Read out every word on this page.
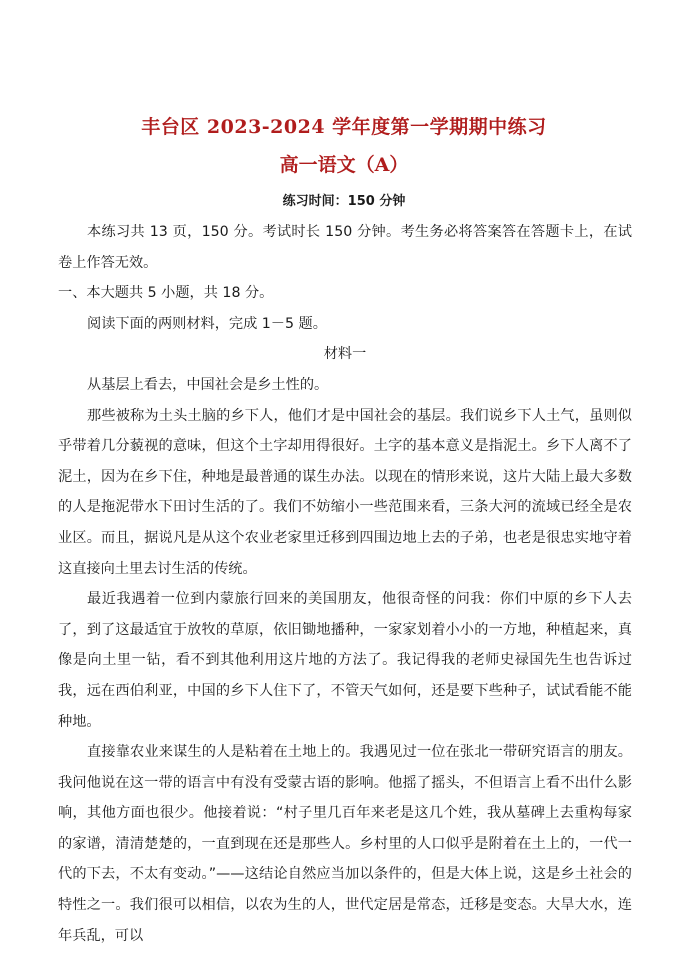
丰台区 2023-2024 学年度第一学期期中练习
高一语文（A）
练习时间：150 分钟

本练习共 13 页，150 分。考试时长 150 分钟。考生务必将答案答在答题卡上，在试卷上作答无效。

一、本大题共 5 小题，共 18 分。

阅读下面的两则材料，完成 1－5 题。

材料一

从基层上看去，中国社会是乡土性的。

那些被称为土头土脑的乡下人，他们才是中国社会的基层。我们说乡下人土气，虽则似乎带着几分藐视的意味，但这个土字却用得很好。土字的基本意义是指泥土。乡下人离不了泥土，因为在乡下住，种地是最普通的谋生办法。以现在的情形来说，这片大陆上最大多数的人是拖泥带水下田讨生活的了。我们不妨缩小一些范围来看，三条大河的流域已经全是农业区。而且，据说凡是从这个农业老家里迁移到四围边地上去的子弟，也老是很忠实地守着这直接向土里去讨生活的传统。

最近我遇着一位到内蒙旅行回来的美国朋友，他很奇怪的问我：你们中原的乡下人去了，到了这最适宜于放牧的草原，依旧锄地播种，一家家划着小小的一方地，种植起来，真像是向土里一钻，看不到其他利用这片地的方法了。我记得我的老师史禄国先生也告诉过我，远在西伯利亚，中国的乡下人住下了，不管天气如何，还是要下些种子，试试看能不能种地。

直接靠农业来谋生的人是粘着在土地上的。我遇见过一位在张北一带研究语言的朋友。我问他说在这一带的语言中有没有受蒙古语的影响。他摇了摇头，不但语言上看不出什么影响，其他方面也很少。他接着说：“村子里几百年来老是这几个姓，我从墓碑上去重构每家的家谱，清清楚楚的，一直到现在还是那些人。乡村里的人口似乎是附着在土上的，一代一代的下去，不太有变动。”——这结论自然应当加以条件的，但是大体上说，这是乡土社会的特性之一。我们很可以相信，以农为生的人，世代定居是常态，迁移是变态。大旱大水，连年兵乱，可以
